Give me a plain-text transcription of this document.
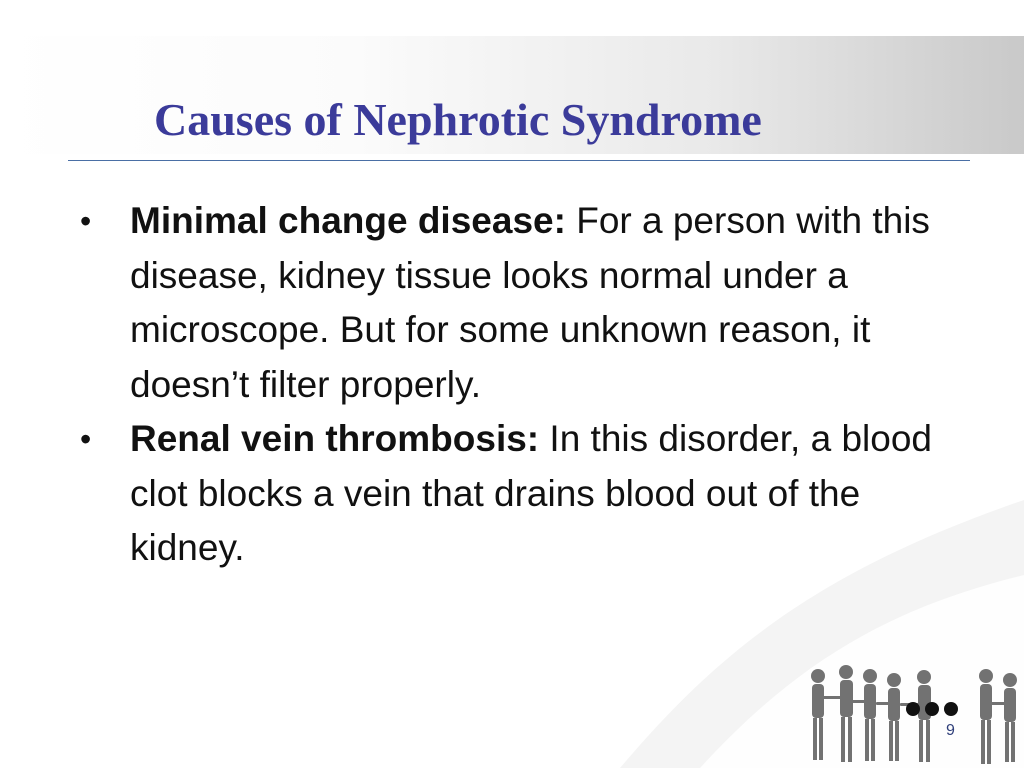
Causes of Nephrotic Syndrome
• Minimal change disease: For a person with this disease, kidney tissue looks normal under a microscope. But for some unknown reason, it doesn’t filter properly.
• Renal vein thrombosis: In this disorder, a blood clot blocks a vein that drains blood out of the kidney.
9
